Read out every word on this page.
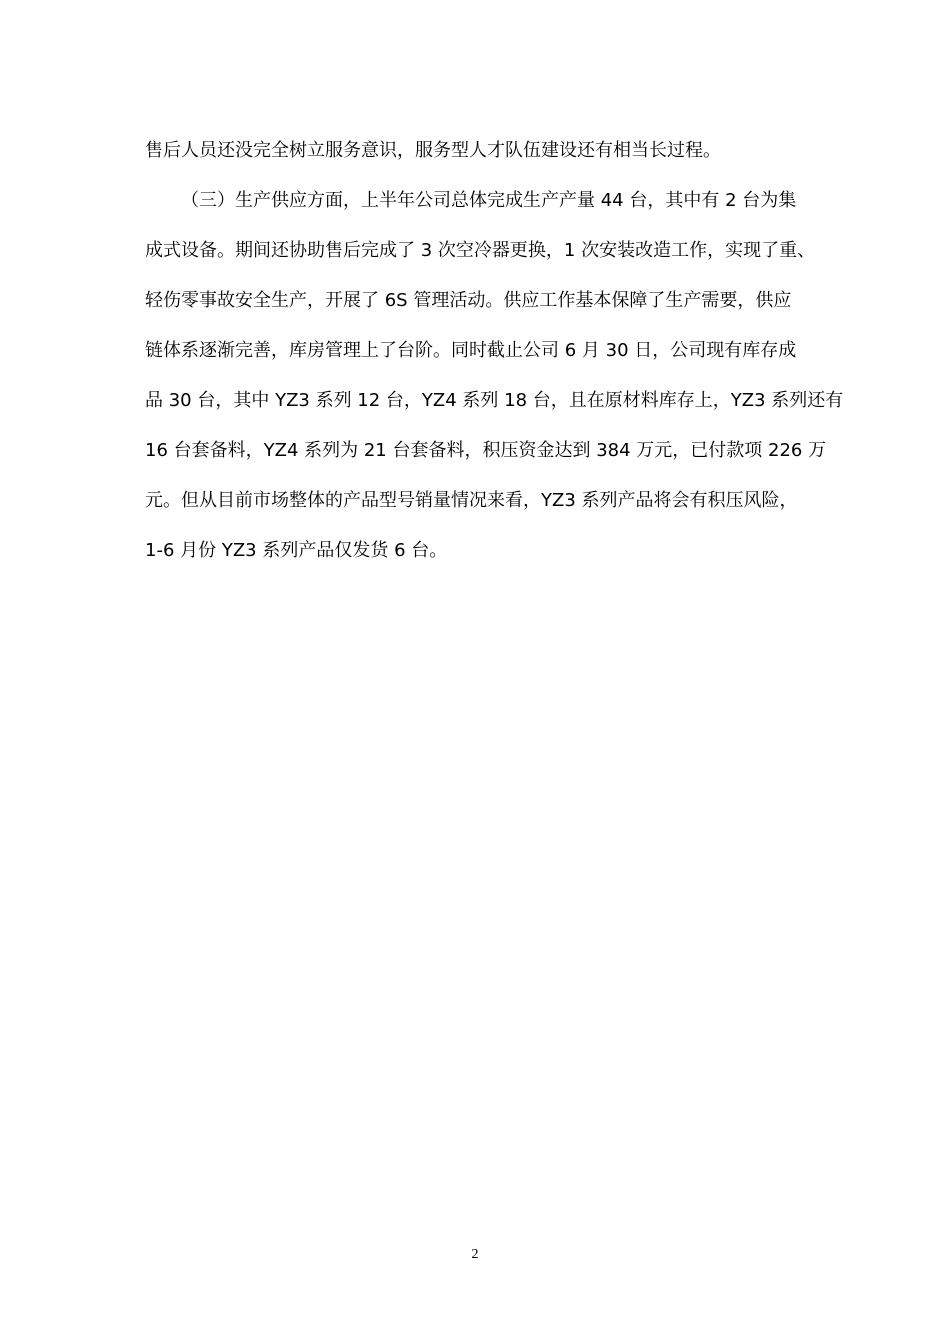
售后人员还没完全树立服务意识，服务型人才队伍建设还有相当长过程。
（三）生产供应方面，上半年公司总体完成生产产量 44 台，其中有 2 台为集
成式设备。期间还协助售后完成了 3 次空冷器更换，1 次安装改造工作，实现了重、
轻伤零事故安全生产，开展了 6S 管理活动。供应工作基本保障了生产需要，供应
链体系逐渐完善，库房管理上了台阶。同时截止公司 6 月 30 日，公司现有库存成
品 30 台，其中 YZ3 系列 12 台，YZ4 系列 18 台，且在原材料库存上，YZ3 系列还有
16 台套备料，YZ4 系列为 21 台套备料，积压资金达到 384 万元，已付款项 226 万
元。但从目前市场整体的产品型号销量情况来看，YZ3 系列产品将会有积压风险，
1-6 月份 YZ3 系列产品仅发货 6 台。
2
